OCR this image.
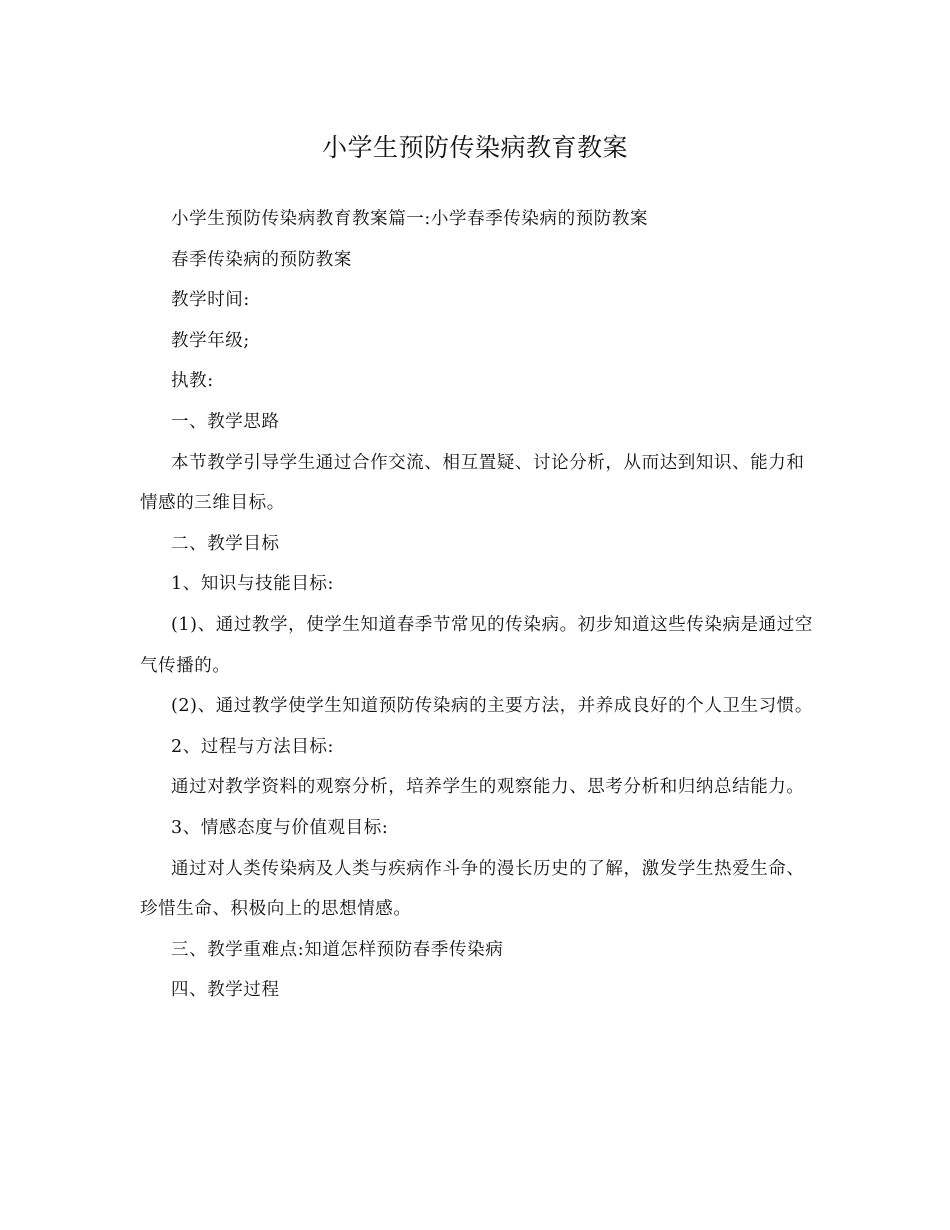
小学生预防传染病教育教案

小学生预防传染病教育教案篇一:小学春季传染病的预防教案

春季传染病的预防教案

教学时间:

教学年级;

执教:

一、教学思路

本节教学引导学生通过合作交流、相互置疑、讨论分析，从而达到知识、能力和情感的三维目标。

二、教学目标

1、知识与技能目标:

(1)、通过教学，使学生知道春季节常见的传染病。初步知道这些传染病是通过空气传播的。

(2)、通过教学使学生知道预防传染病的主要方法，并养成良好的个人卫生习惯。

2、过程与方法目标:

通过对教学资料的观察分析，培养学生的观察能力、思考分析和归纳总结能力。

3、情感态度与价值观目标:

通过对人类传染病及人类与疾病作斗争的漫长历史的了解，激发学生热爱生命、珍惜生命、积极向上的思想情感。

三、教学重难点:知道怎样预防春季传染病

四、教学过程
